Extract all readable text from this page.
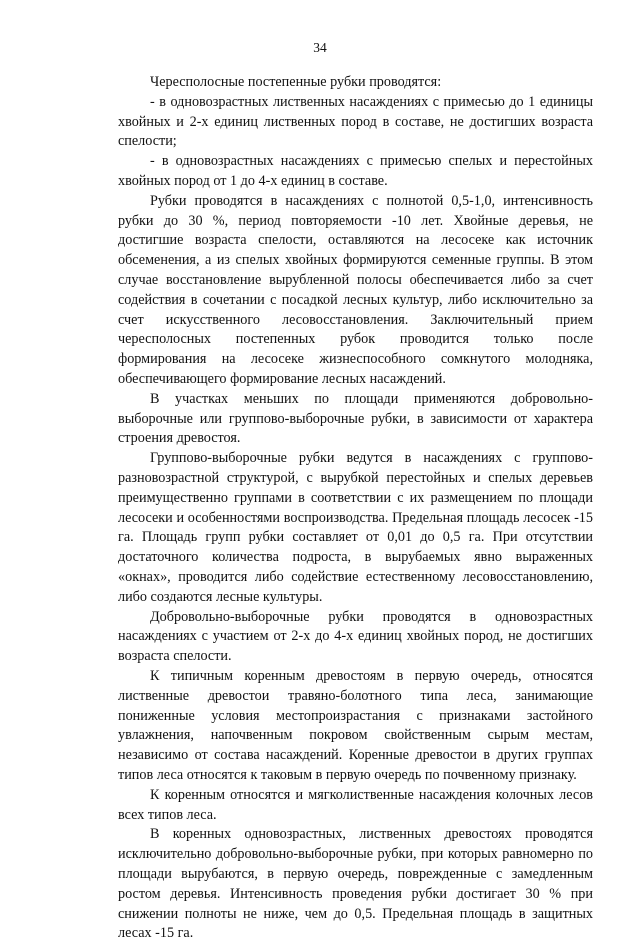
34
Чересполосные постепенные рубки проводятся:
- в одновозрастных лиственных насаждениях с примесью до 1 единицы
хвойных и 2-х единиц лиственных пород в составе, не достигших возраста
спелости;
- в одновозрастных насаждениях с примесью спелых и перестойных
хвойных пород от 1 до 4-х единиц в составе.
Рубки проводятся в насаждениях с полнотой 0,5-1,0, интенсивность
рубки до 30 %, период повторяемости -10 лет. Хвойные деревья, не
достигшие возраста спелости, оставляются на лесосеке как источник
обсеменения, а из спелых хвойных формируются семенные группы. В этом
случае восстановление вырубленной полосы обеспечивается либо за счет
содействия в сочетании с посадкой лесных культур, либо исключительно за
счет искусственного лесовосстановления. Заключительный прием
чересполосных постепенных рубок проводится только после
формирования на лесосеке жизнеспособного сомкнутого молодняка,
обеспечивающего формирование лесных насаждений.
В участках меньших по площади применяются добровольно-
выборочные или группово-выборочные рубки, в зависимости от характера
строения древостоя.
Группово-выборочные рубки ведутся в насаждениях с группово-
разновозрастной структурой, с вырубкой перестойных и спелых деревьев
преимущественно группами в соответствии с их размещением по площади
лесосеки и особенностями воспроизводства. Предельная площадь лесосек -15
га. Площадь групп рубки составляет от 0,01 до 0,5 га. При отсутствии
достаточного количества подроста, в вырубаемых явно выраженных
«окнах», проводится либо содействие естественному лесовосстановлению,
либо создаются лесные культуры.
Добровольно-выборочные рубки проводятся в одновозрастных
насаждениях с участием от 2-х до 4-х единиц хвойных пород, не достигших
возраста спелости.
К типичным коренным древостоям в первую очередь, относятся
лиственные древостои травяно-болотного типа леса, занимающие
пониженные условия местопроизрастания с признаками застойного
увлажнения, напочвенным покровом свойственным сырым местам,
независимо от состава насаждений. Коренные древостои в других группах
типов леса относятся к таковым в первую очередь по почвенному признаку.
К коренным относятся и мягколиственные насаждения колочных лесов
всех типов леса.
В коренных одновозрастных, лиственных древостоях проводятся
исключительно добровольно-выборочные рубки, при которых равномерно по
площади вырубаются, в первую очередь, поврежденные с замедленным
ростом деревья. Интенсивность проведения рубки достигает 30 % при
снижении полноты не ниже, чем до 0,5. Предельная площадь в защитных
лесах -15 га.
